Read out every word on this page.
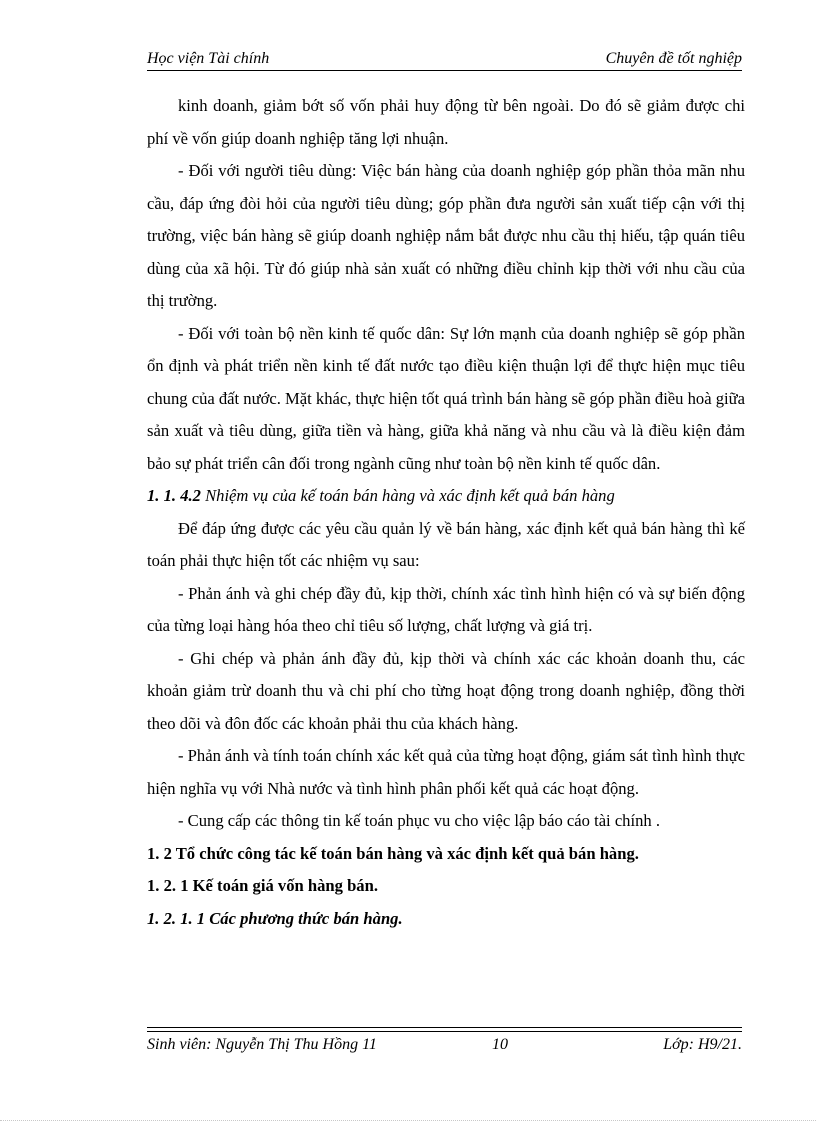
Học viện Tài chính	Chuyên đề tốt nghiệp

kinh doanh, giảm bớt số vốn phải huy động từ bên ngoài. Do đó sẽ giảm được chi phí về vốn giúp doanh nghiệp tăng lợi nhuận.

- Đối với người tiêu dùng: Việc bán hàng của doanh nghiệp góp phần thỏa mãn nhu cầu, đáp ứng đòi hỏi của người tiêu dùng; góp phần đưa người sản xuất tiếp cận với thị trường, việc bán hàng sẽ giúp doanh nghiệp nắm bắt được nhu cầu thị hiếu, tập quán tiêu dùng của xã hội. Từ đó giúp nhà sản xuất có những điều chỉnh kịp thời với nhu cầu của thị trường.

- Đối với toàn bộ nền kinh tế quốc dân: Sự lớn mạnh của doanh nghiệp sẽ góp phần ổn định và phát triển nền kinh tế đất nước tạo điều kiện thuận lợi để thực hiện mục tiêu chung của đất nước. Mặt khác, thực hiện tốt quá trình bán hàng sẽ góp phần điều hoà giữa sản xuất và tiêu dùng, giữa tiền và hàng, giữa khả năng và nhu cầu và là điều kiện đảm bảo sự phát triển cân đối trong ngành cũng như toàn bộ nền kinh tế quốc dân.

1. 1. 4.2 Nhiệm vụ của kế toán bán hàng và xác định kết quả bán hàng

Để đáp ứng được các yêu cầu quản lý về bán hàng, xác định kết quả bán hàng thì kế toán phải thực hiện tốt các nhiệm vụ sau:

- Phản ánh và ghi chép đầy đủ, kịp thời, chính xác tình hình hiện có và sự biến động của từng loại hàng hóa theo chỉ tiêu số lượng, chất lượng và giá trị.

- Ghi chép và phản ánh đầy đủ, kịp thời và chính xác các khoản doanh thu, các khoản giảm trừ doanh thu và chi phí cho từng hoạt động trong doanh nghiệp, đồng thời theo dõi và đôn đốc các khoản phải thu của khách hàng.

- Phản ánh và tính toán chính xác kết quả của từng hoạt động, giám sát tình hình thực hiện nghĩa vụ với Nhà nước và tình hình phân phối kết quả các hoạt động.

- Cung cấp các thông tin kế toán phục vu cho việc lập báo cáo tài chính .

1. 2 Tổ chức công tác kế toán bán hàng và xác định kết quả bán hàng.

1. 2. 1 Kế toán giá vốn hàng bán.

1. 2. 1. 1 Các phương thức bán hàng.

Sinh viên: Nguyễn Thị Thu Hồng 11	10	Lớp: H9/21.
